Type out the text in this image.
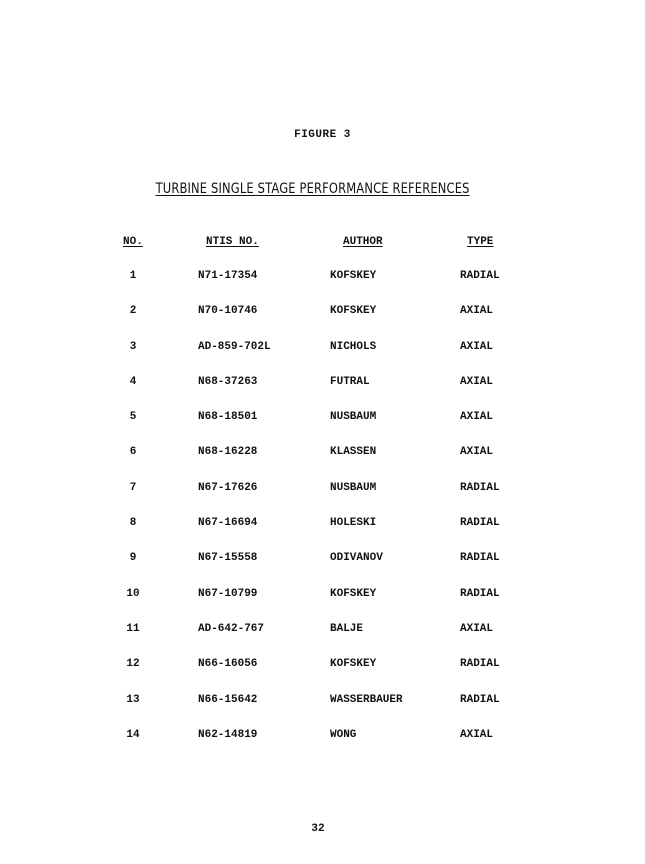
FIGURE 3
TURBINE SINGLE STAGE PERFORMANCE REFERENCES
NO.	NTIS NO.	AUTHOR	TYPE
1	N71-17354	KOFSKEY	RADIAL
2	N70-10746	KOFSKEY	AXIAL
3	AD-859-702L	NICHOLS	AXIAL
4	N68-37263	FUTRAL	AXIAL
5	N68-18501	NUSBAUM	AXIAL
6	N68-16228	KLASSEN	AXIAL
7	N67-17626	NUSBAUM	RADIAL
8	N67-16694	HOLESKI	RADIAL
9	N67-15558	ODIVANOV	RADIAL
10	N67-10799	KOFSKEY	RADIAL
11	AD-642-767	BALJE	AXIAL
12	N66-16056	KOFSKEY	RADIAL
13	N66-15642	WASSERBAUER	RADIAL
14	N62-14819	WONG	AXIAL
32
